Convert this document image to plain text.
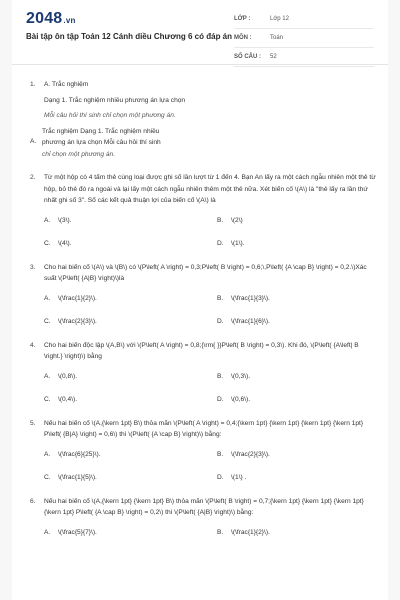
2048.vn
Bài tập ôn tập Toán 12 Cánh diều Chương 6 có đáp án
LỚP :	Lớp 12
MÔN :	Toán
SỐ CÂU :	52
1.	A. Trắc nghiệm
Dạng 1. Trắc nghiệm nhiều phương án lựa chọn
Mỗi câu hỏi thí sinh chỉ chọn một phương án.
A.
Trắc nghiệm Dạng 1. Trắc nghiệm nhiều
phương án lựa chọn Mỗi câu hỏi thí sinh
chỉ chọn một phương án.
2.	Từ một hộp có 4 tấm thẻ cùng loại được ghi số lần lượt từ 1 đến 4. Bạn An lấy ra một cách ngẫu nhiên một thẻ từ hộp, bỏ thẻ đó ra ngoài và lại lấy một cách ngẫu nhiên thêm một thẻ nữa. Xét biến cố \(A\) là "thẻ lấy ra lần thứ nhất ghi số 3". Số các kết quả thuận lợi của biến cố \(A\) là
A.	\(3\).	B.	\(2\)
C.	\(4\).	D.	\(1\).
3.	Cho hai biến cố \(A\) và \(B\) có \(P\left( A \right) = 0,3;P\left( B \right) = 0,6;\,P\left( {A \cap B} \right) = 0,2.\)Xác suất \(P\left( {A|B} \right)\)là
A.	\(\frac{1}{2}\).	B.	\(\frac{1}{3}\).
C.	\(\frac{2}{3}\).	D.	\(\frac{1}{6}\).
4.	Cho hai biến độc lập \(A,B\) với \(P\left( A \right) = 0,8;{\rm{ }}P\left( B \right) = 0,3\). Khi đó, \(P\left( {A\left| B \right.} \right)\) bằng
A.	\(0,8\).	B.	\(0,3\).
C.	\(0,4\).	D.	\(0,6\).
5.	Nếu hai biến cố \(A,{\kern 1pt} B\) thỏa mãn \(P\left( A \right) = 0,4;{\kern 1pt} {\kern 1pt} {\kern 1pt} {\kern 1pt} P\left( {B|A} \right) = 0,6\) thì \(P\left( {A \cap B} \right)\) bằng:
A.	\(\frac{6}{25}\).	B.	\(\frac{2}{3}\).
C.	\(\frac{1}{5}\).	D.	\(1\) .
6.	Nếu hai biến cố \(A,{\kern 1pt} {\kern 1pt} B\) thỏa mãn \(P\left( B \right) = 0,7;{\kern 1pt} {\kern 1pt} {\kern 1pt} {\kern 1pt} P\left( {A \cap B} \right) = 0,2\) thì \(P\left( {A|B} \right)\) bằng:
A.	\(\frac{5}{7}\).	B.	\(\frac{1}{2}\).
